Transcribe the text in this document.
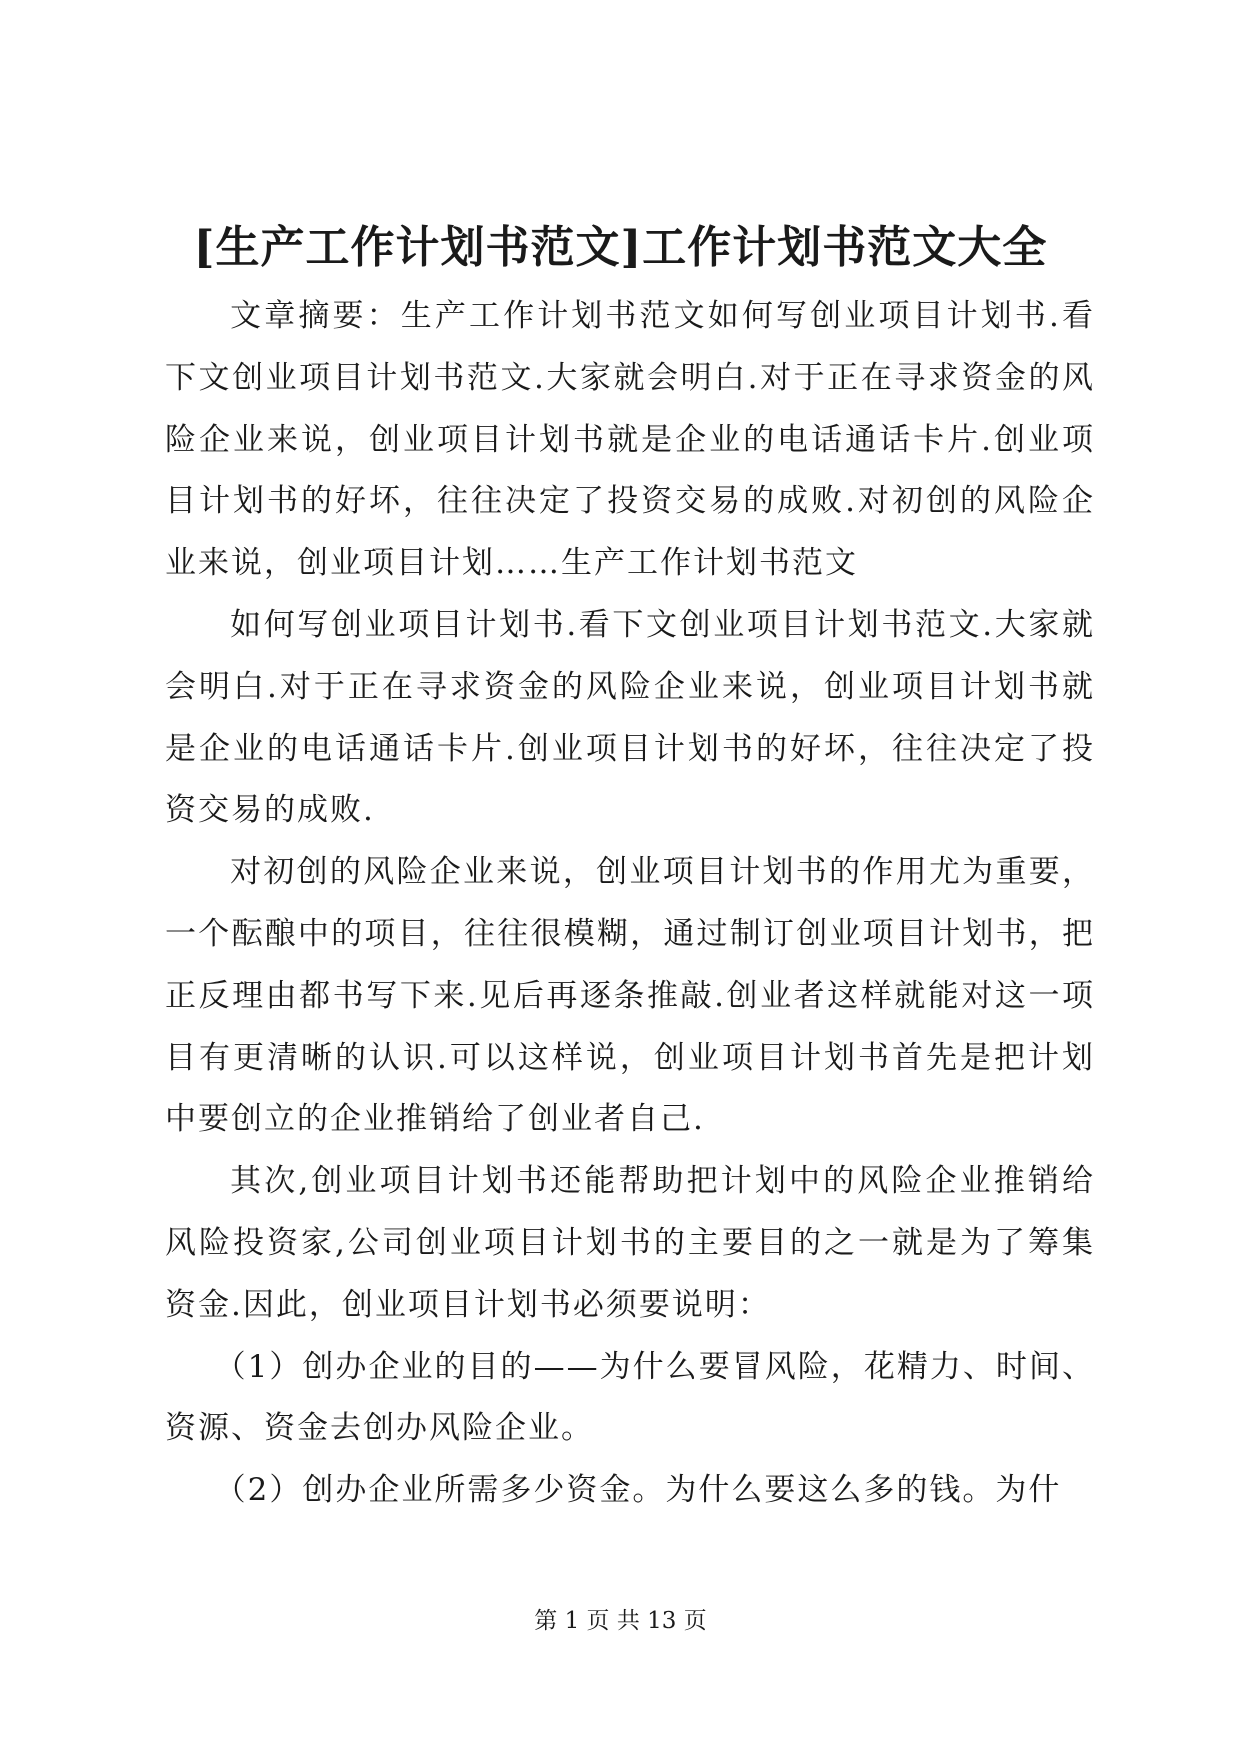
[生产工作计划书范文]工作计划书范文大全

文章摘要：生产工作计划书范文如何写创业项目计划书.看下文创业项目计划书范文.大家就会明白.对于正在寻求资金的风险企业来说，创业项目计划书就是企业的电话通话卡片.创业项目计划书的好坏，往往决定了投资交易的成败.对初创的风险企业来说，创业项目计划……生产工作计划书范文

如何写创业项目计划书.看下文创业项目计划书范文.大家就会明白.对于正在寻求资金的风险企业来说，创业项目计划书就是企业的电话通话卡片.创业项目计划书的好坏，往往决定了投资交易的成败.

对初创的风险企业来说，创业项目计划书的作用尤为重要，一个酝酿中的项目，往往很模糊，通过制订创业项目计划书，把正反理由都书写下来.见后再逐条推敲.创业者这样就能对这一项目有更清晰的认识.可以这样说，创业项目计划书首先是把计划中要创立的企业推销给了创业者自己.

其次,创业项目计划书还能帮助把计划中的风险企业推销给风险投资家,公司创业项目计划书的主要目的之一就是为了筹集资金.因此，创业项目计划书必须要说明：

（1）创办企业的目的——为什么要冒风险，花精力、时间、资源、资金去创办风险企业。

（2）创办企业所需多少资金。为什么要这么多的钱。为什

第 1 页 共 13 页
